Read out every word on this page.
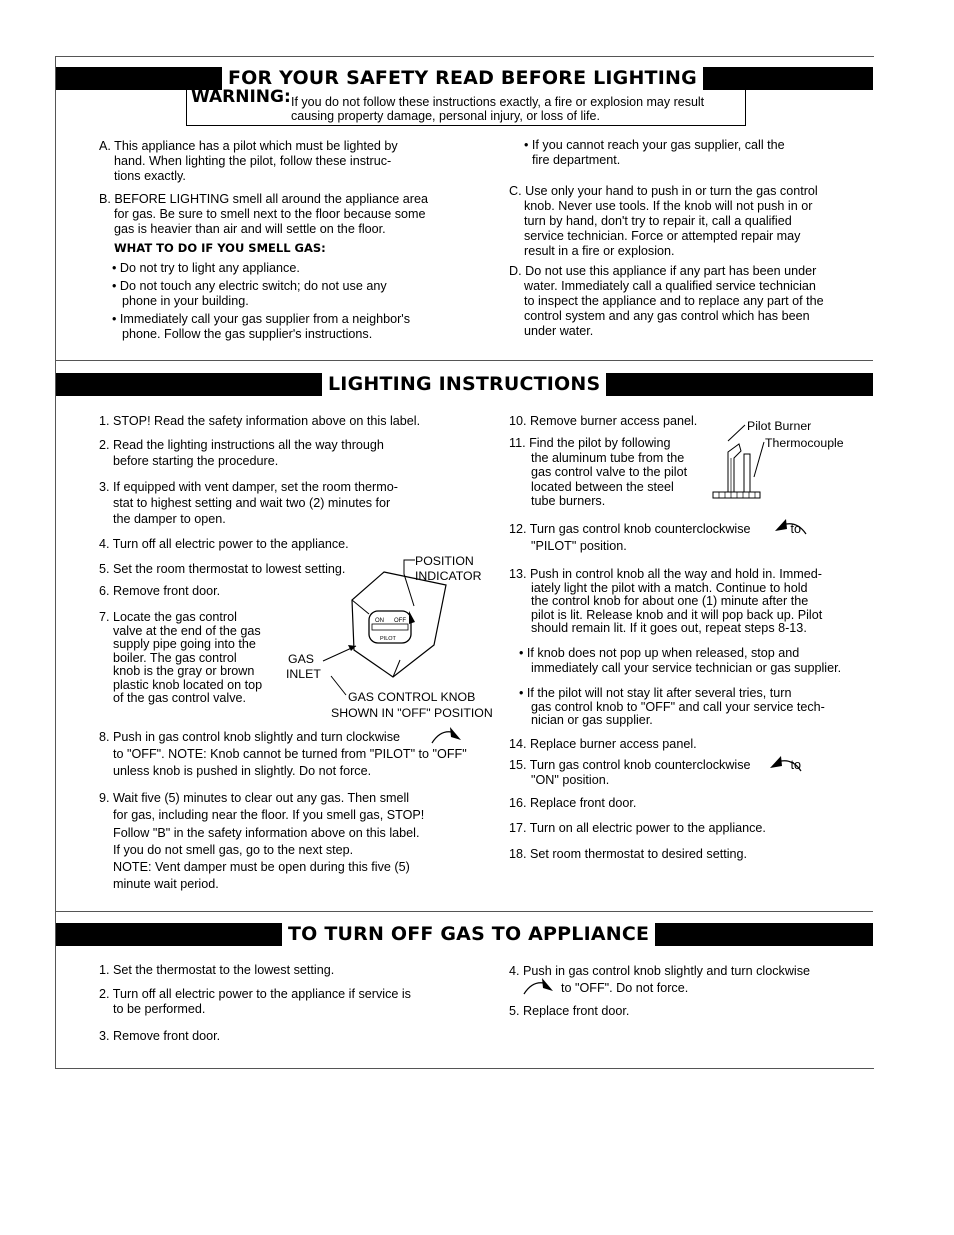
FOR YOUR SAFETY READ BEFORE LIGHTING
WARNING: If you do not follow these instructions exactly, a fire or explosion may result
causing property damage, personal injury, or loss of life.
A. This appliance has a pilot which must be lighted by
hand. When lighting the pilot, follow these instruc-
tions exactly.
B. BEFORE LIGHTING smell all around the appliance area
for gas. Be sure to smell next to the floor because some
gas is heavier than air and will settle on the floor.
WHAT TO DO IF YOU SMELL GAS:
• Do not try to light any appliance.
• Do not touch any electric switch; do not use any
phone in your building.
• Immediately call your gas supplier from a neighbor's
phone. Follow the gas supplier's instructions.
• If you cannot reach your gas supplier, call the
fire department.
C. Use only your hand to push in or turn the gas control
knob. Never use tools. If the knob will not push in or
turn by hand, don't try to repair it, call a qualified
service technician. Force or attempted repair may
result in a fire or explosion.
D. Do not use this appliance if any part has been under
water. Immediately call a qualified service technician
to inspect the appliance and to replace any part of the
control system and any gas control which has been
under water.
LIGHTING INSTRUCTIONS
1. STOP! Read the safety information above on this label.
2. Read the lighting instructions all the way through
before starting the procedure.
3. If equipped with vent damper, set the room thermo-
stat to highest setting and wait two (2) minutes for
the damper to open.
4. Turn off all electric power to the appliance.
5. Set the room thermostat to lowest setting.
6. Remove front door.
7. Locate the gas control
valve at the end of the gas
supply pipe going into the
boiler. The gas control
knob is the gray or brown
plastic knob located on top
of the gas control valve.
POSITION
INDICATOR
GAS
INLET
GAS CONTROL KNOB
SHOWN IN "OFF" POSITION
ON OFF
PILOT
8. Push in gas control knob slightly and turn clockwise
to "OFF". NOTE: Knob cannot be turned from "PILOT" to "OFF"
unless knob is pushed in slightly. Do not force.
9. Wait five (5) minutes to clear out any gas. Then smell
for gas, including near the floor. If you smell gas, STOP!
Follow "B" in the safety information above on this label.
If you do not smell gas, go to the next step.
NOTE: Vent damper must be open during this five (5)
minute wait period.
10. Remove burner access panel.
11. Find the pilot by following
the aluminum tube from the
gas control valve to the pilot
located between the steel
tube burners.
Pilot Burner
Thermocouple
12. Turn gas control knob counterclockwise	to
"PILOT" position.
13. Push in control knob all the way and hold in. Immed-
iately light the pilot with a match. Continue to hold
the control knob for about one (1) minute after the
pilot is lit. Release knob and it will pop back up. Pilot
should remain lit. If it goes out, repeat steps 8-13.
• If knob does not pop up when released, stop and
immediately call your service technician or gas supplier.
• If the pilot will not stay lit after several tries, turn
gas control knob to "OFF" and call your service tech-
nician or gas supplier.
14. Replace burner access panel.
15. Turn gas control knob counterclockwise	to
"ON" position.
16. Replace front door.
17. Turn on all electric power to the appliance.
18. Set room thermostat to desired setting.
TO TURN OFF GAS TO APPLIANCE
1. Set the thermostat to the lowest setting.
2. Turn off all electric power to the appliance if service is
to be performed.
3. Remove front door.
4. Push in gas control knob slightly and turn clockwise
to "OFF". Do not force.
5. Replace front door.
